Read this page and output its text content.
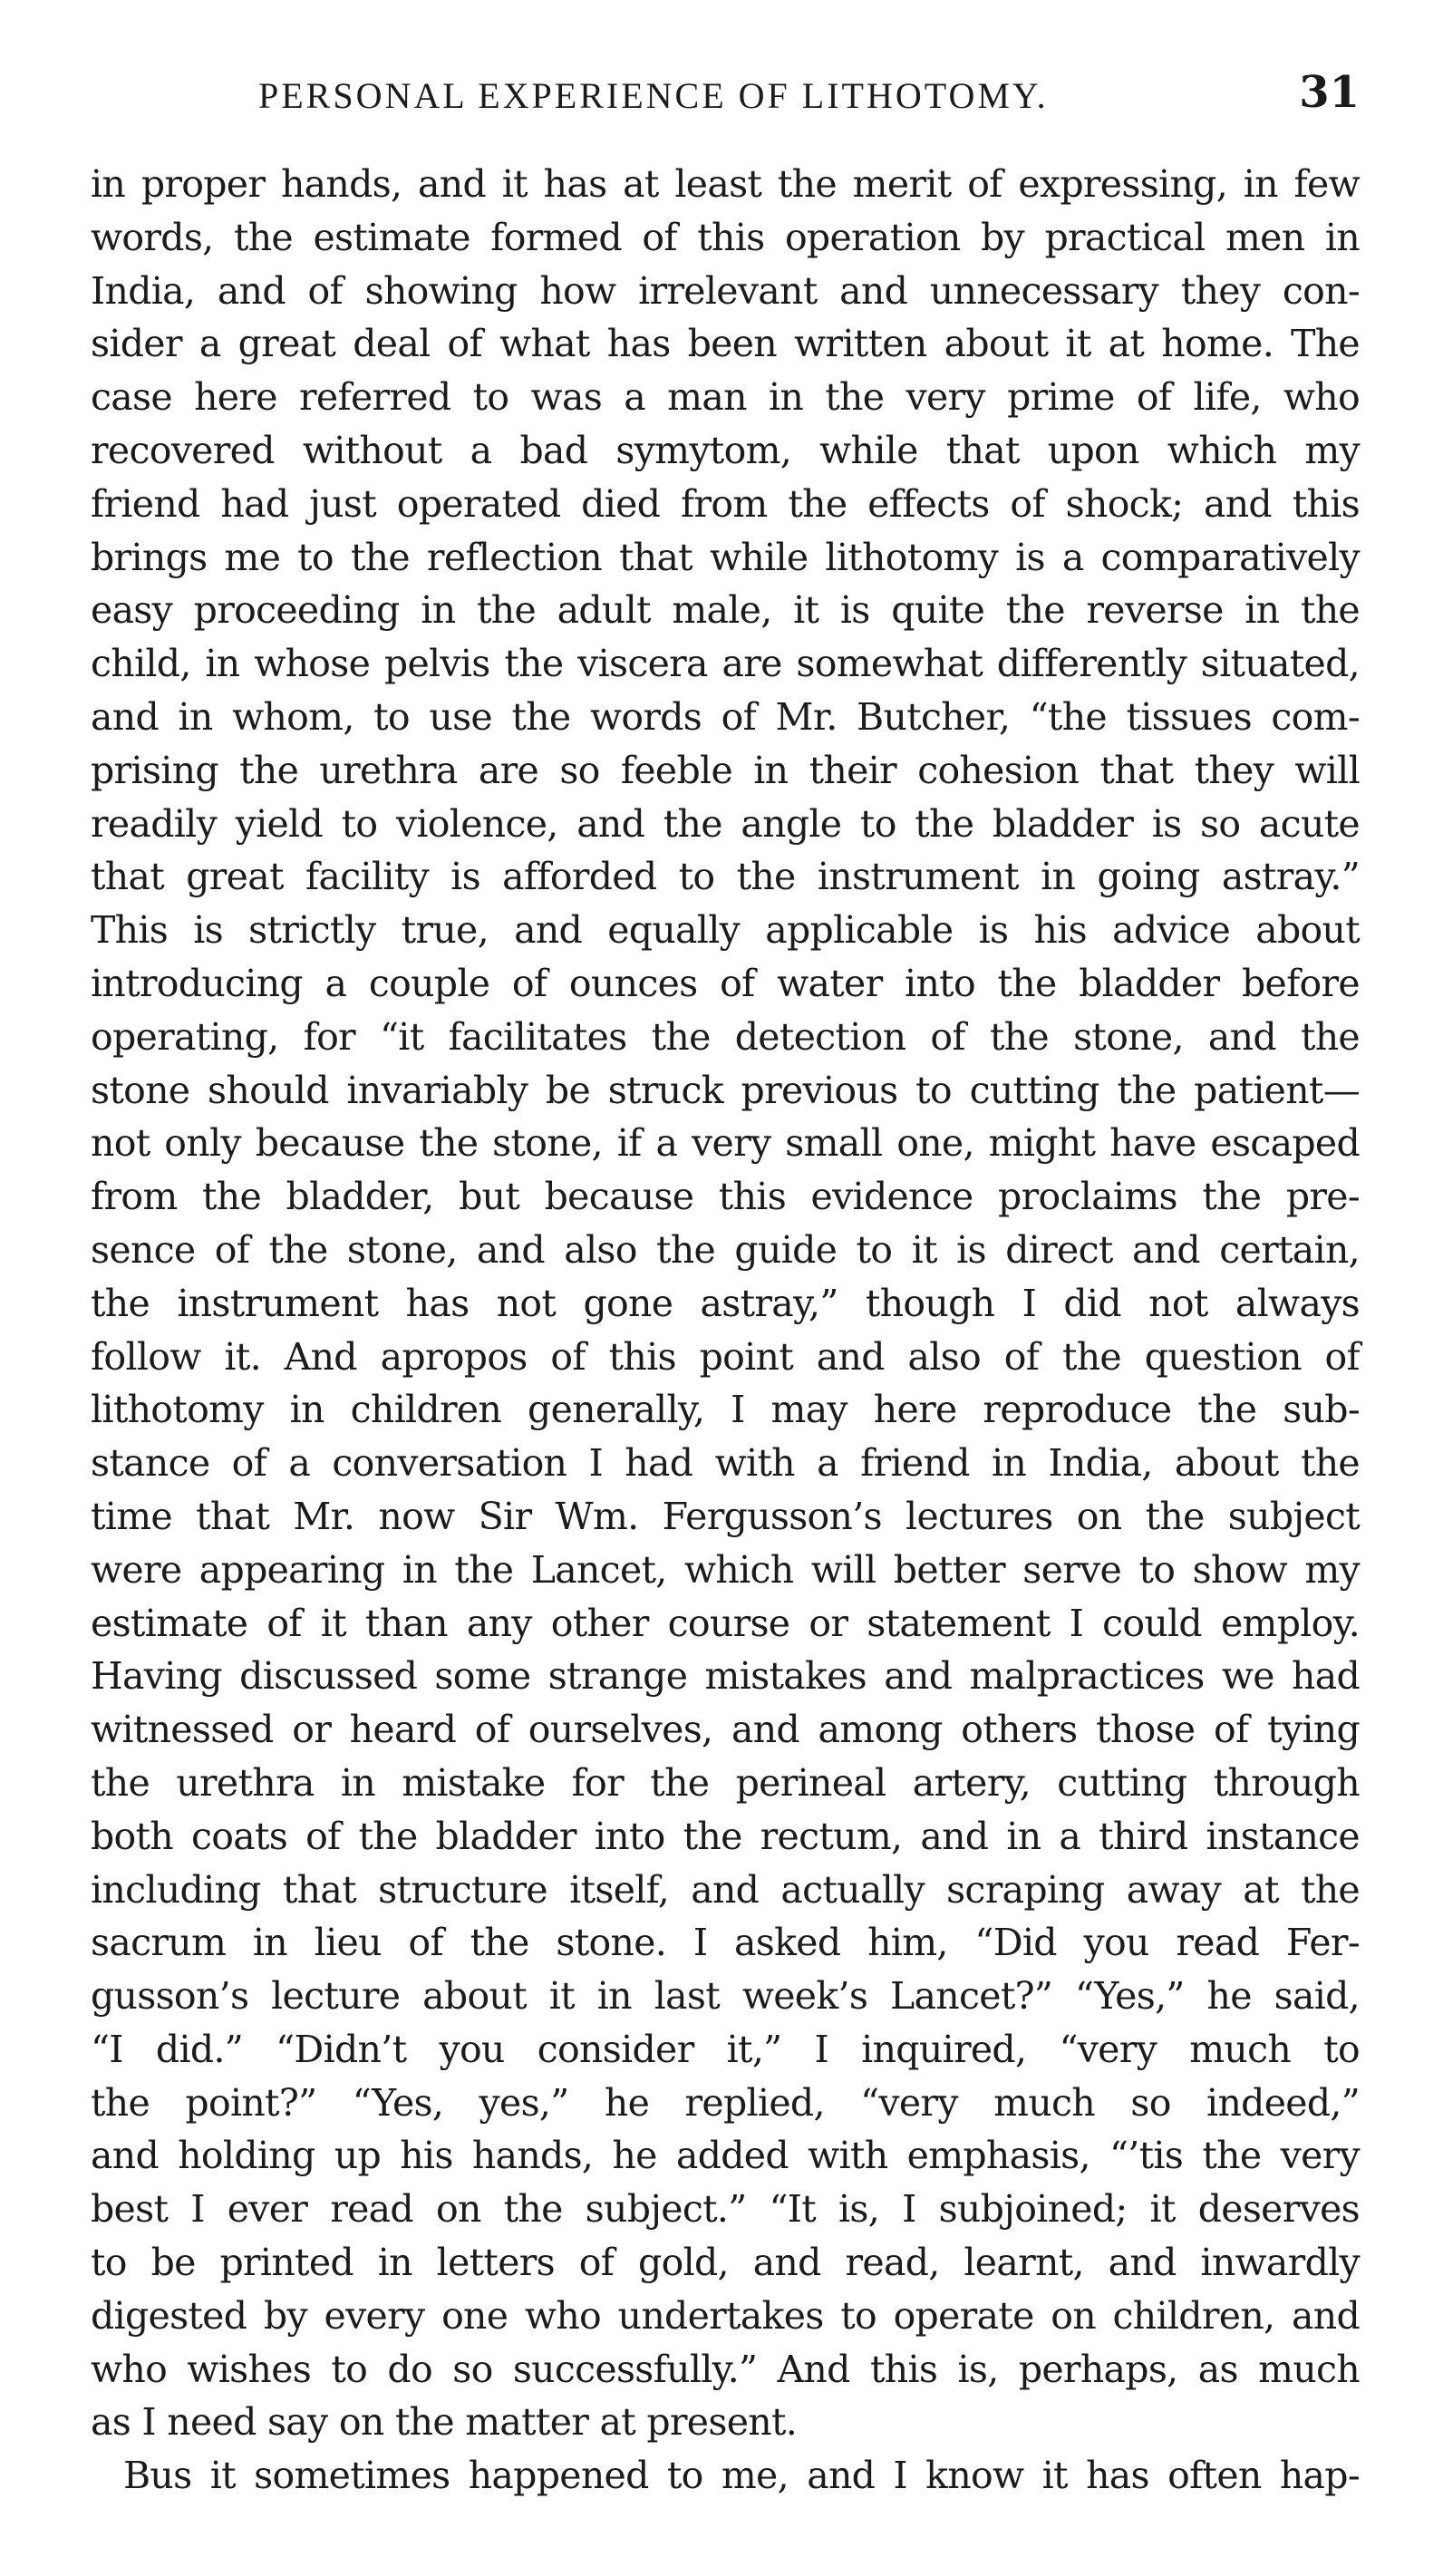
PERSONAL EXPERIENCE OF LITHOTOMY.	31
in proper hands, and it has at least the merit of expressing, in few
words, the estimate formed of this operation by practical men in
India, and of showing how irrelevant and unnecessary they con-
sider a great deal of what has been written about it at home. The
case here referred to was a man in the very prime of life, who
recovered without a bad symytom, while that upon which my
friend had just operated died from the effects of shock; and this
brings me to the reflection that while lithotomy is a comparatively
easy proceeding in the adult male, it is quite the reverse in the
child, in whose pelvis the viscera are somewhat differently situated,
and in whom, to use the words of Mr. Butcher, “the tissues com-
prising the urethra are so feeble in their cohesion that they will
readily yield to violence, and the angle to the bladder is so acute
that great facility is afforded to the instrument in going astray.”
This is strictly true, and equally applicable is his advice about
introducing a couple of ounces of water into the bladder before
operating, for “it facilitates the detection of the stone, and the
stone should invariably be struck previous to cutting the patient—
not only because the stone, if a very small one, might have escaped
from the bladder, but because this evidence proclaims the pre-
sence of the stone, and also the guide to it is direct and certain,
the instrument has not gone astray,” though I did not always
follow it. And apropos of this point and also of the question of
lithotomy in children generally, I may here reproduce the sub-
stance of a conversation I had with a friend in India, about the
time that Mr. now Sir Wm. Fergusson’s lectures on the subject
were appearing in the Lancet, which will better serve to show my
estimate of it than any other course or statement I could employ.
Having discussed some strange mistakes and malpractices we had
witnessed or heard of ourselves, and among others those of tying
the urethra in mistake for the perineal artery, cutting through
both coats of the bladder into the rectum, and in a third instance
including that structure itself, and actually scraping away at the
sacrum in lieu of the stone. I asked him, “Did you read Fer-
gusson’s lecture about it in last week’s Lancet?” “Yes,” he said,
“I did.” “Didn’t you consider it,” I inquired, “very much to
the point?” “Yes, yes,” he replied, “very much so indeed,”
and holding up his hands, he added with emphasis, “’tis the very
best I ever read on the subject.” “It is, I subjoined; it deserves
to be printed in letters of gold, and read, learnt, and inwardly
digested by every one who undertakes to operate on children, and
who wishes to do so successfully.” And this is, perhaps, as much
as I need say on the matter at present.
Bus it sometimes happened to me, and I know it has often hap-
